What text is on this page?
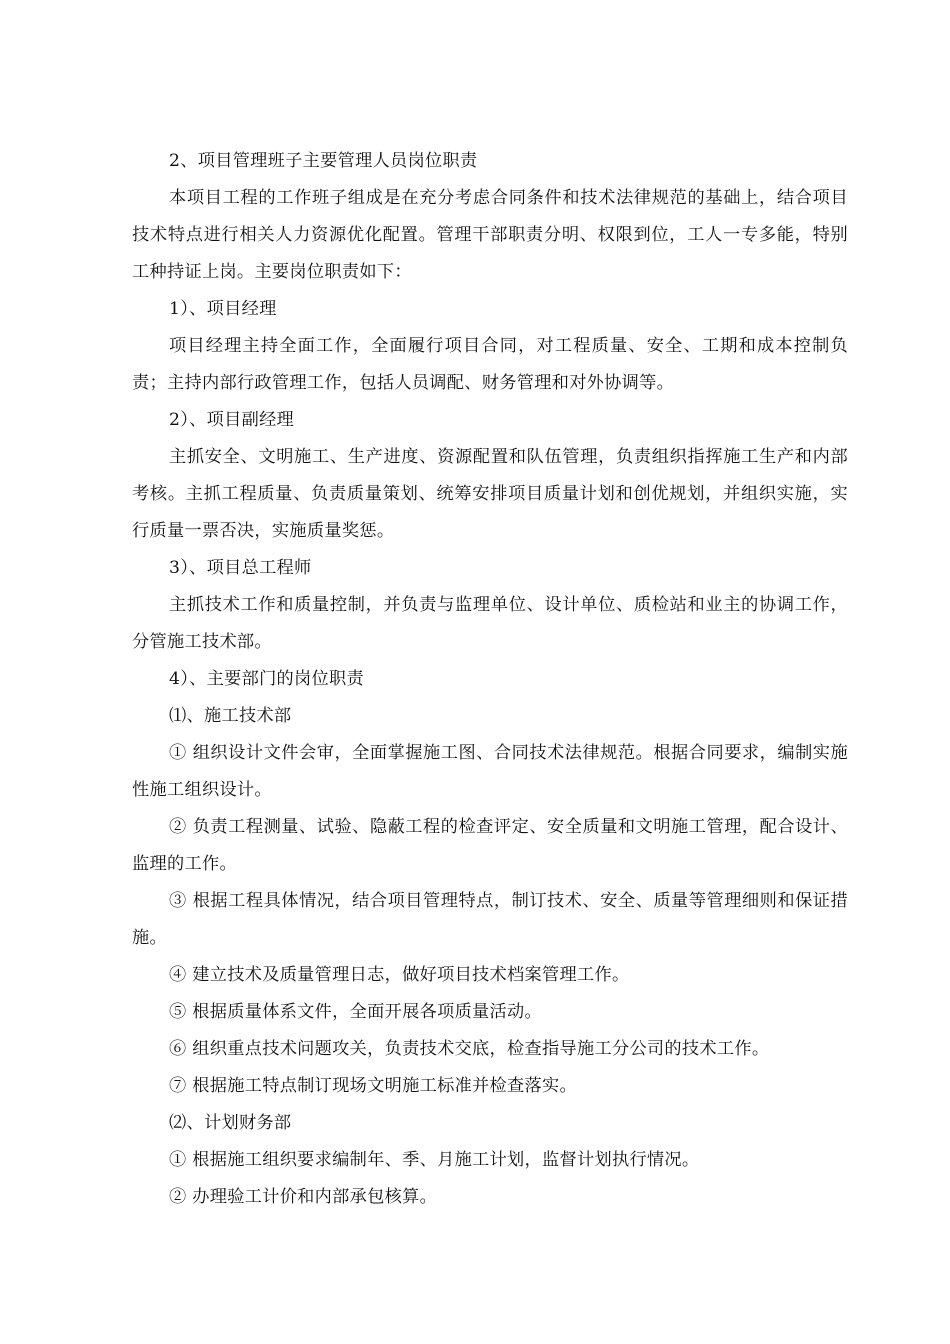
2、项目管理班子主要管理人员岗位职责

本项目工程的工作班子组成是在充分考虑合同条件和技术法律规范的基础上，结合项目技术特点进行相关人力资源优化配置。管理干部职责分明、权限到位，工人一专多能，特别工种持证上岗。主要岗位职责如下：

1）、项目经理

项目经理主持全面工作，全面履行项目合同，对工程质量、安全、工期和成本控制负责；主持内部行政管理工作，包括人员调配、财务管理和对外协调等。

2）、项目副经理

主抓安全、文明施工、生产进度、资源配置和队伍管理，负责组织指挥施工生产和内部考核。主抓工程质量、负责质量策划、统筹安排项目质量计划和创优规划，并组织实施，实行质量一票否决，实施质量奖惩。

3）、项目总工程师

主抓技术工作和质量控制，并负责与监理单位、设计单位、质检站和业主的协调工作，分管施工技术部。

4）、主要部门的岗位职责

⑴、施工技术部

① 组织设计文件会审，全面掌握施工图、合同技术法律规范。根据合同要求，编制实施性施工组织设计。

② 负责工程测量、试验、隐蔽工程的检查评定、安全质量和文明施工管理，配合设计、监理的工作。

③ 根据工程具体情况，结合项目管理特点，制订技术、安全、质量等管理细则和保证措施。

④ 建立技术及质量管理日志，做好项目技术档案管理工作。

⑤ 根据质量体系文件，全面开展各项质量活动。

⑥ 组织重点技术问题攻关，负责技术交底，检查指导施工分公司的技术工作。

⑦ 根据施工特点制订现场文明施工标准并检查落实。

⑵、计划财务部

① 根据施工组织要求编制年、季、月施工计划，监督计划执行情况。

② 办理验工计价和内部承包核算。
